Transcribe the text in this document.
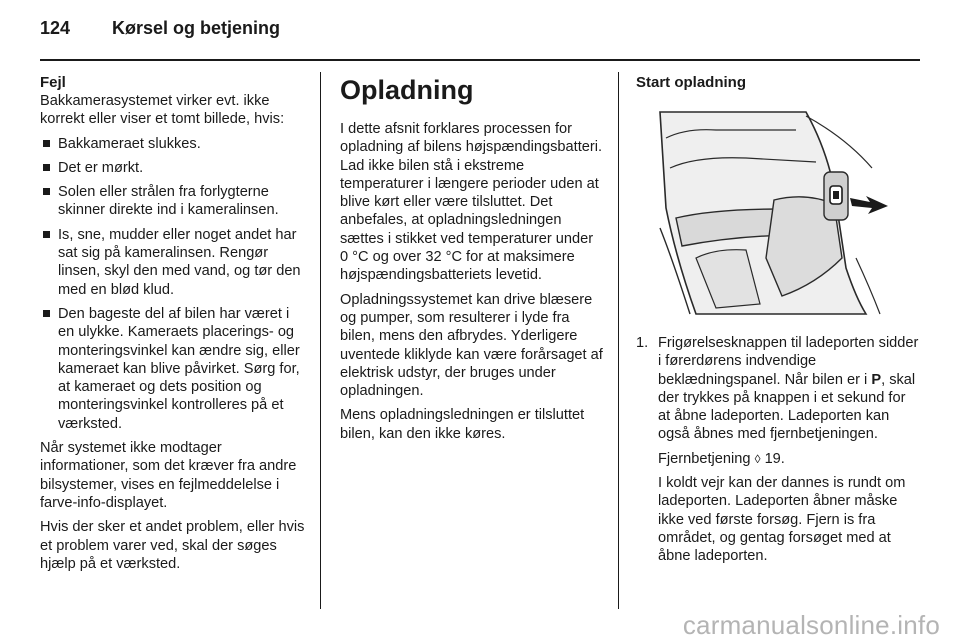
124 Kørsel og betjening
Fejl

Bakkamerasystemet virker evt. ikke korrekt eller viser et tomt billede, hvis:

Bakkameraet slukkes.
Det er mørkt.
Solen eller strålen fra forlygterne skinner direkte ind i kameralinsen.
Is, sne, mudder eller noget andet har sat sig på kameralinsen. Rengør linsen, skyl den med vand, og tør den med en blød klud.
Den bageste del af bilen har været i en ulykke. Kameraets placerings- og monteringsvinkel kan ændre sig, eller kameraet kan blive påvirket. Sørg for, at kameraet og dets position og monteringsvinkel kontrolleres på et værksted.

Når systemet ikke modtager informationer, som det kræver fra andre bilsystemer, vises en fejlmeddelelse i farve-info-displayet.

Hvis der sker et andet problem, eller hvis et problem varer ved, skal der søges hjælp på et værksted.

Opladning

I dette afsnit forklares processen for opladning af bilens højspændingsbatteri. Lad ikke bilen stå i ekstreme temperaturer i længere perioder uden at blive kørt eller være tilsluttet. Det anbefales, at opladningsledningen sættes i stikket ved temperaturer under 0 °C og over 32 °C for at maksimere højspændingsbatteriets levetid.

Opladningssystemet kan drive blæsere og pumper, som resulterer i lyde fra bilen, mens den afbrydes. Yderligere uventede kliklyde kan være forårsaget af elektrisk udstyr, der bruges under opladningen.

Mens opladningsledningen er tilsluttet bilen, kan den ikke køres.

Start opladning
1. Frigørelsesknappen til ladeporten sidder i førerdørens indvendige beklædningspanel. Når bilen er i P, skal der trykkes på knappen i et sekund for at åbne ladeporten. Ladeporten kan også åbnes med fjernbetjeningen.

Fjernbetjening ◊ 19.

I koldt vejr kan der dannes is rundt om ladeporten. Ladeporten åbner måske ikke ved første forsøg. Fjern is fra området, og gentag forsøget med at åbne ladeporten.

carmanualsonline.info
